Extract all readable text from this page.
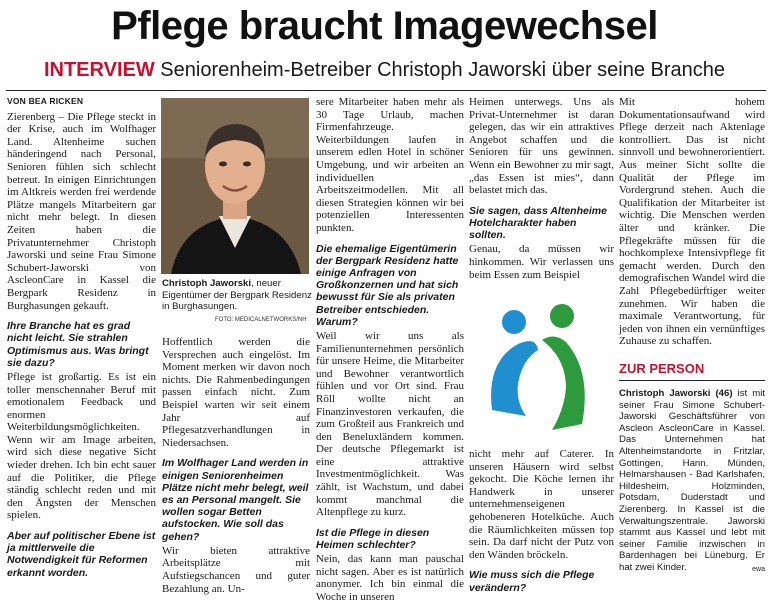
Pflege braucht Imagewechsel
INTERVIEW Seniorenheim-Betreiber Christoph Jaworski über seine Branche
VON BEA RICKEN

Zierenberg – Die Pflege steckt in der Krise, auch im Wolfhager Land. Altenheime suchen händeringend nach Personal, Senioren fühlen sich schlecht betreut. In einigen Einrichtungen im Altkreis werden frei werdende Plätze mangels Mitarbeitern gar nicht mehr belegt. In diesen Zeiten haben die Privatunternehmer Christoph Jaworski und seine Frau Simone Schubert-Jaworski von AscleonCare in Kassel die Bergpark Residenz in Burghasungen gekauft.

Ihre Branche hat es grad nicht leicht. Sie strahlen Optimismus aus. Was bringt sie dazu?

Pflege ist großartig. Es ist ein toller menschennaher Beruf mit emotionalem Feedback und enormen Weiterbildungsmöglichkeiten. Wenn wir am Image arbeiten, wird sich diese negative Sicht wieder drehen. Ich bin echt sauer auf die Politiker, die Pflege ständig schlecht reden und mit den Ängsten der Menschen spielen.

Aber auf politischer Ebene ist ja mittlerweile die Notwendigkeit für Reformen erkannt worden.
Christoph Jaworski, neuer Eigentümer der Bergpark Residenz in Burghasungen.
FOTO: MEDICALNETWORKS/NH

Hoffentlich werden die Versprechen auch eingelöst. Im Moment merken wir davon noch nichts. Die Rahmenbedingungen passen einfach nicht. Zum Beispiel warten wir seit einem Jahr auf Pflegesatzverhandlungen in Niedersachsen.

Im Wolfhager Land werden in einigen Seniorenheimen Plätze nicht mehr belegt, weil es an Personal mangelt. Sie wollen sogar Betten aufstocken. Wie soll das gehen?

Wir bieten attraktive Arbeitsplätze mit Aufstiegschancen und guter Bezahlung an. Un-

sere Mitarbeiter haben mehr als 30 Tage Urlaub, machen Firmenfahrzeuge. Weiterbildungen laufen in unserem edlen Hotel in schöner Umgebung, und wir arbeiten an individuellen Arbeitszeitmodellen. Mit all diesen Strategien können wir bei potenziellen Interessenten punkten.

Die ehemalige Eigentümerin der Bergpark Residenz hatte einige Anfragen von Großkonzernen und hat sich bewusst für Sie als privaten Betreiber entschieden. Warum?

Weil wir uns als Familienunternehmen persönlich für unsere Heime, die Mitarbeiter und Bewohner verantwortlich fühlen und vor Ort sind. Frau Röll wollte nicht an Finanzinvestoren verkaufen, die zum Großteil aus Frankreich und den Beneluxländern kommen. Der deutsche Pflegemarkt ist eine attraktive Investmentmöglichkeit. Was zählt, ist Wachstum, und dabei kommt manchmal die Altenpflege zu kurz.

Ist die Pflege in diesen Heimen schlechter?

Nein, das kann man pauschal nicht sagen. Aber es ist natürlich anonymer. Ich bin einmal die Woche in unseren

Heimen unterwegs. Uns als Privat-Unternehmer ist daran gelegen, das wir ein attraktives Angebot schaffen und die Senioren für uns gewinnen. Wenn ein Bewohner zu mir sagt, „das Essen ist mies“, dann belastet mich das.

Sie sagen, dass Altenheime Hotelcharakter haben sollten.

Genau, da müssen wir hinkommen. Wir verlassen uns beim Essen zum Beispiel

nicht mehr auf Caterer. In unseren Häusern wird selbst gekocht. Die Köche lernen ihr Handwerk in unserer unternehmenseigenen gehobeneren Hotelküche. Auch die Räumlichkeiten müssen top sein. Da darf nicht der Putz von den Wänden bröckeln.

Wie muss sich die Pflege verändern?

Mit hohem Dokumentationsaufwand wird Pflege derzeit nach Aktenlage kontrolliert. Das ist nicht sinnvoll und bewohnerorientiert. Aus meiner Sicht sollte die Qualität der Pflege im Vordergrund stehen. Auch die Qualifikation der Mitarbeiter ist wichtig. Die Menschen werden älter und kränker. Die Pflegekräfte müssen für die hochkomplexe Intensivpflege fit gemacht werden. Durch den demografischen Wandel wird die Zahl Pflegebedürftiger weiter zunehmen. Wir haben die maximale Verantwortung, für jeden von ihnen ein vernünftiges Zuhause zu schaffen.

ZUR PERSON
Christoph Jaworski (46) ist mit seiner Frau Simone Schubert-Jaworski Geschäftsführer von Ascleon AscleonCare in Kassel. Das Unternehmen hat Altenheimstandorte in Fritzlar, Gottingen, Hann. Münden, Helmarshausen - Bad Karlshafen, Hildesheim, Holzminden, Potsdam, Duderstadt und Zierenberg. In Kassel ist die Verwaltungszentrale. Jaworski stammt aus Kassel und lebt mit seiner Familie inzwischen in Bardenhagen bei Lüneburg. Er hat zwei Kinder.	ewa
